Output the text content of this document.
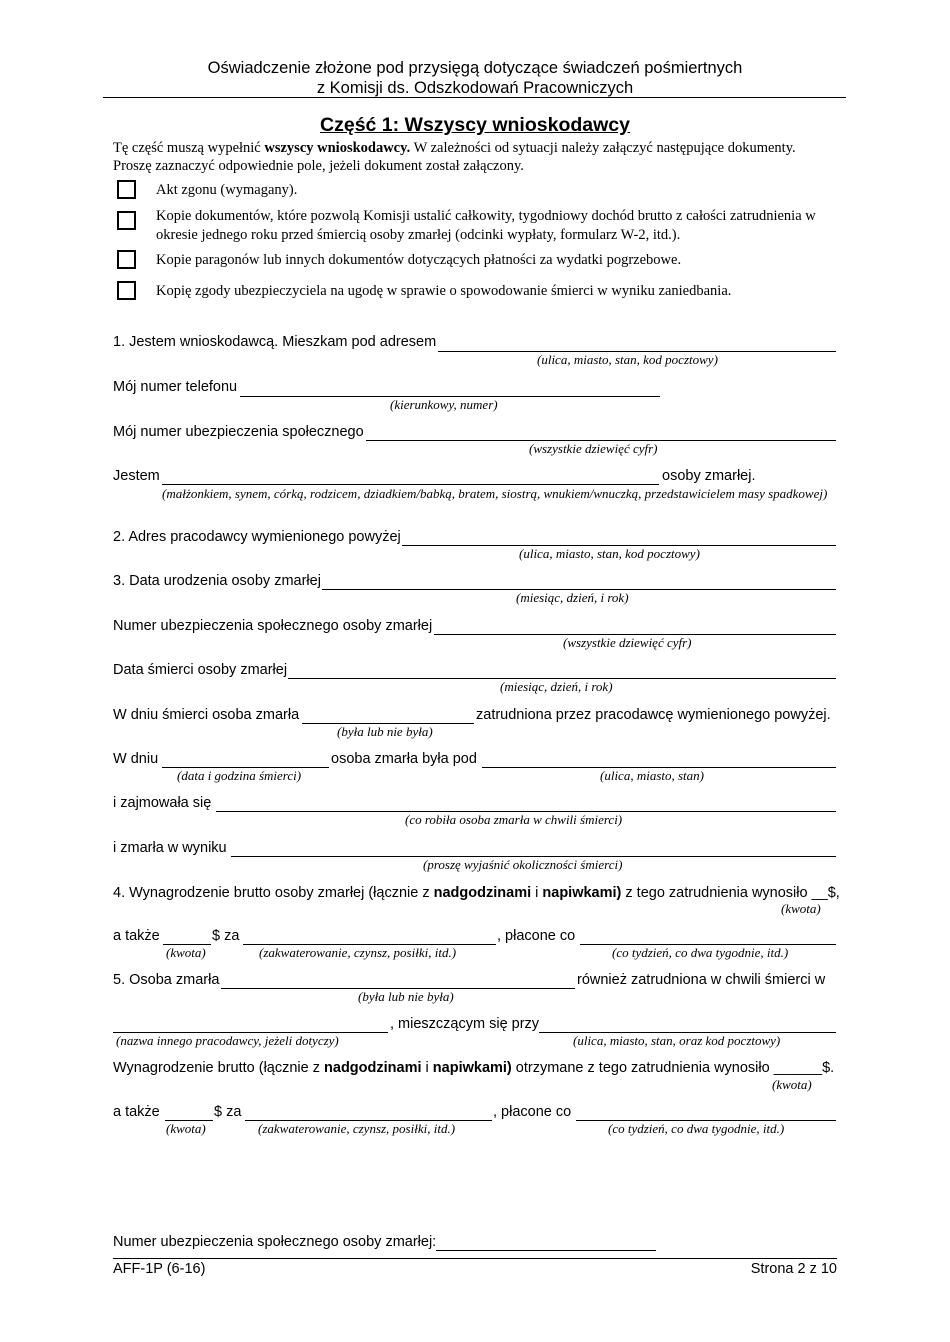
Oświadczenie złożone pod przysięgą dotyczące świadczeń pośmiertnych
z Komisji ds. Odszkodowań Pracowniczych
Część 1: Wszyscy wnioskodawcy
Tę część muszą wypełnić wszyscy wnioskodawcy. W zależności od sytuacji należy załączyć następujące dokumenty. Proszę zaznaczyć odpowiednie pole, jeżeli dokument został załączony.
Akt zgonu (wymagany).
Kopie dokumentów, które pozwolą Komisji ustalić całkowity, tygodniowy dochód brutto z całości zatrudnienia w okresie jednego roku przed śmiercią osoby zmarłej (odcinki wypłaty, formularz W-2, itd.).
Kopie paragonów lub innych dokumentów dotyczących płatności za wydatki pogrzebowe.
Kopię zgody ubezpieczyciela na ugodę w sprawie o spowodowanie śmierci w wyniku zaniedbania.
1. Jestem wnioskodawcą. Mieszkam pod adresem
(ulica, miasto, stan, kod pocztowy)
Mój numer telefonu
(kierunkowy, numer)
Mój numer ubezpieczenia społecznego
(wszystkie dziewięć cyfr)
Jestem	osoby zmarłej.
(małżonkiem, synem, córką, rodzicem, dziadkiem/babką, bratem, siostrą, wnukiem/wnuczką, przedstawicielem masy spadkowej)
2. Adres pracodawcy wymienionego powyżej
(ulica, miasto, stan, kod pocztowy)
3. Data urodzenia osoby zmarłej
(miesiąc, dzień, i rok)
Numer ubezpieczenia społecznego osoby zmarłej
(wszystkie dziewięć cyfr)
Data śmierci osoby zmarłej
(miesiąc, dzień, i rok)
W dniu śmierci osoba zmarła	zatrudniona przez pracodawcę wymienionego powyżej.
(była lub nie była)
W dniu	osoba zmarła była pod
(data i godzina śmierci)	(ulica, miasto, stan)
i zajmowała się
(co robiła osoba zmarła w chwili śmierci)
i zmarła w wyniku
(proszę wyjaśnić okoliczności śmierci)
4. Wynagrodzenie brutto osoby zmarłej (łącznie z nadgodzinami i napiwkami) z tego zatrudnienia wynosiło __$,
(kwota)
a także	$ za	, płacone co
(kwota)	(zakwaterowanie, czynsz, posiłki, itd.)	(co tydzień, co dwa tygodnie, itd.)
5. Osoba zmarła	również zatrudniona w chwili śmierci w
(była lub nie była)
, mieszczącym się przy
(nazwa innego pracodawcy, jeżeli dotyczy)	(ulica, miasto, stan, oraz kod pocztowy)
Wynagrodzenie brutto (łącznie z nadgodzinami i napiwkami) otrzymane z tego zatrudnienia wynosiło ______$.
(kwota)
a także	$ za	, płacone co
(kwota)	(zakwaterowanie, czynsz, posiłki, itd.)	(co tydzień, co dwa tygodnie, itd.)
Numer ubezpieczenia społecznego osoby zmarłej:
AFF-1P (6-16)	Strona 2 z 10
